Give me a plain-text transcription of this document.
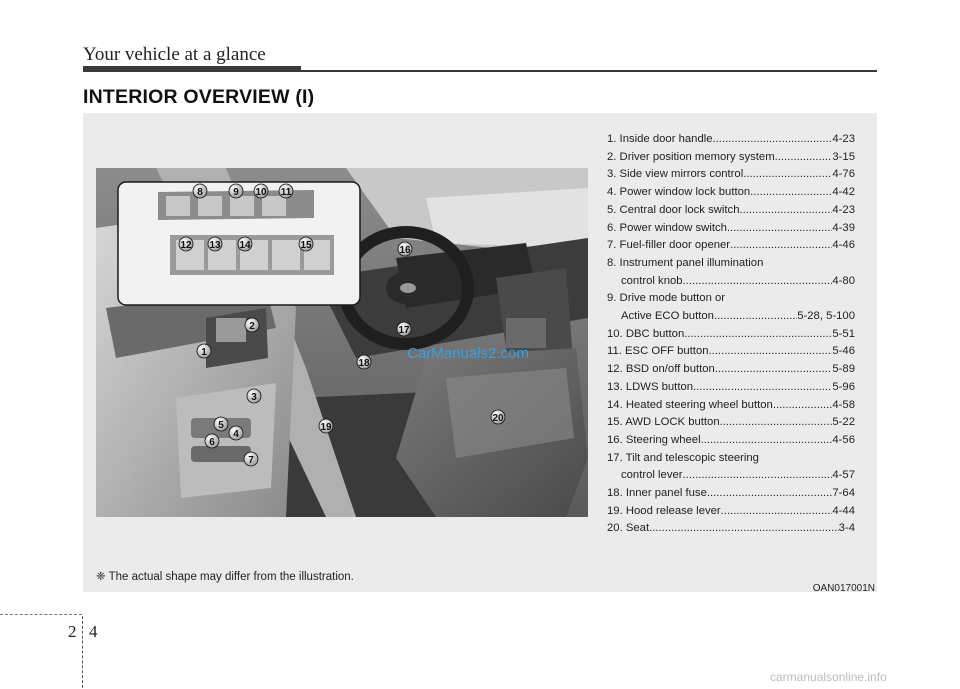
Your vehicle at a glance
INTERIOR OVERVIEW (I)
8	9 10 11
12 13 14	15	16
2	17
1
18
3
20
5	19
4
6
7
CarManuals2.com
1. Inside door handle .....	4-23
2. Driver position memory system .....	3-15
3. Side view mirrors control .....	4-76
4. Power window lock button .....	4-42
5. Central door lock switch .....	4-23
6. Power window switch .....	4-39
7. Fuel-filler door opener .....	4-46
8. Instrument panel illumination
control knob .....	4-80
9. Drive mode button or
Active ECO button .....	5-28, 5-100
10. DBC button .....	5-51
11. ESC OFF button .....	5-46
12. BSD on/off button .....	5-89
13. LDWS button .....	5-96
14. Heated steering wheel button .....	4-58
15. AWD LOCK button .....	5-22
16. Steering wheel .....	4-56
17. Tilt and telescopic steering
control lever .....	4-57
18. Inner panel fuse .....	7-64
19. Hood release lever .....	4-44
20. Seat .....	3-4
❈ The actual shape may differ from the illustration.
OAN017001N
2 4
carmanualsonline.info
